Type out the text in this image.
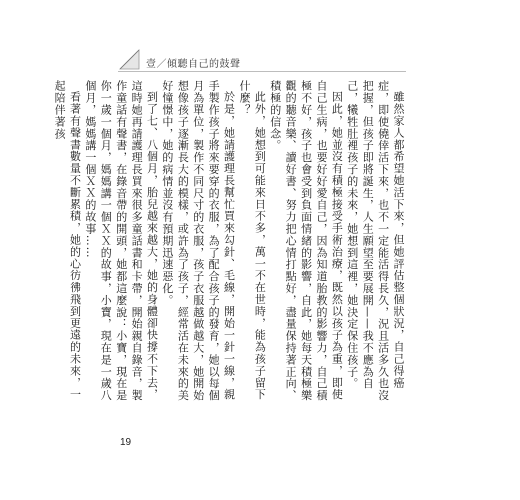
壹／傾聽自己的鼓聲

雖然家人都希望她活下來，但她評估整個狀況，自己得癌症，即使僥倖活下來，也不一定能活得長久，況且活多久也沒把握，但孩子即將誕生，人生願望至要展開——我不應為自己，犧牲肚裡孩子的未來，她想到這裡，她決定保住孩子。

因此，她並沒有積極接受手術治療，既然以孩子為重，即使自己生病，也要好好愛自己，因為知道胎教的影響力，自己積極不好，孩子也會受到負面情緒的影響，自此，她每天積極樂觀的聽音樂、讀好書、努力把心情打點好，盡量保持著正向、積極的信念。

此外，她想到可能來日不多，萬一不在世時，能為孩子留下什麼？

於是，她請護理長幫忙買來勾針、毛線，開始一針一線，親手製作孩子將來要穿的衣服，為了配合孩子的發育，她以每個月為單位，製作不同尺寸的衣服，孩子衣服越做越大，她開始想像孩子逐漸長大的模樣，或許為了孩子，經常活在未來的美好憧憬中，她的病情並沒有預期迅速惡化。

到了七、八個月，胎兒越來越大，她的身體卻快撐不下去，這時她再請護理長買來很多童話書和卡帶，開始親自錄音，製作童話有聲書，在錄音帶的開頭，她都這麼說：小寶，現在是你一歲一個月，媽媽講一個ＸＸ的故事，小寶，現在是一歲八個月，媽媽講一個ＸＸ的故事……

看著有聲書數量不斷累積，她的心彷彿飛到更遠的未來，一起陪伴著孩

19
